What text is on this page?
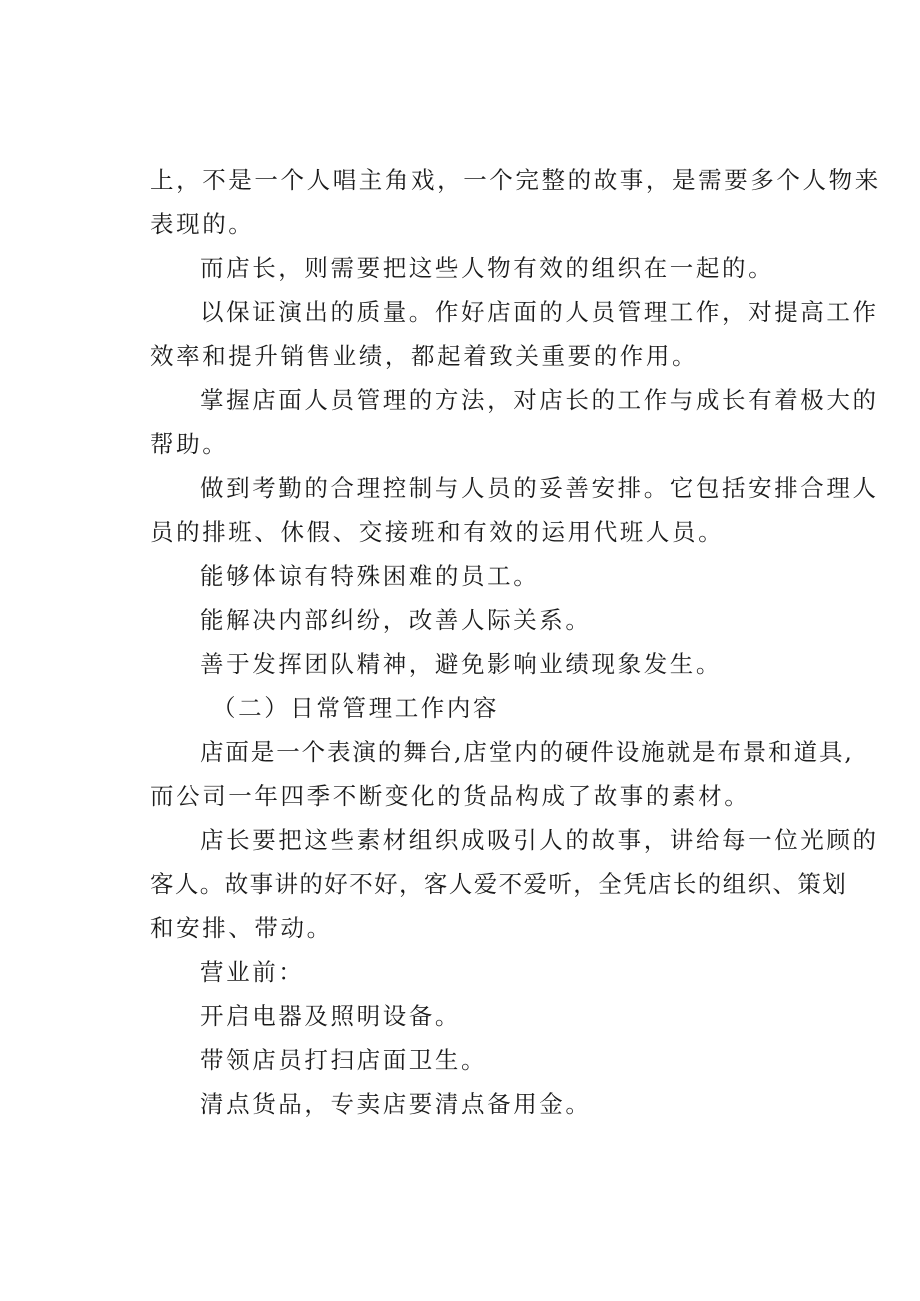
上，不是一个人唱主角戏，一个完整的故事，是需要多个人物来
表现的。
而店长，则需要把这些人物有效的组织在一起的。
以保证演出的质量。作好店面的人员管理工作，对提高工作
效率和提升销售业绩，都起着致关重要的作用。
掌握店面人员管理的方法，对店长的工作与成长有着极大的
帮助。
做到考勤的合理控制与人员的妥善安排。它包括安排合理人
员的排班、休假、交接班和有效的运用代班人员。
能够体谅有特殊困难的员工。
能解决内部纠纷，改善人际关系。
善于发挥团队精神，避免影响业绩现象发生。
（二）日常管理工作内容
店面是一个表演的舞台,店堂内的硬件设施就是布景和道具,
而公司一年四季不断变化的货品构成了故事的素材。
店长要把这些素材组织成吸引人的故事，讲给每一位光顾的
客人。故事讲的好不好，客人爱不爱听，全凭店长的组织、策划
和安排、带动。
营业前：
开启电器及照明设备。
带领店员打扫店面卫生。
清点货品，专卖店要清点备用金。
